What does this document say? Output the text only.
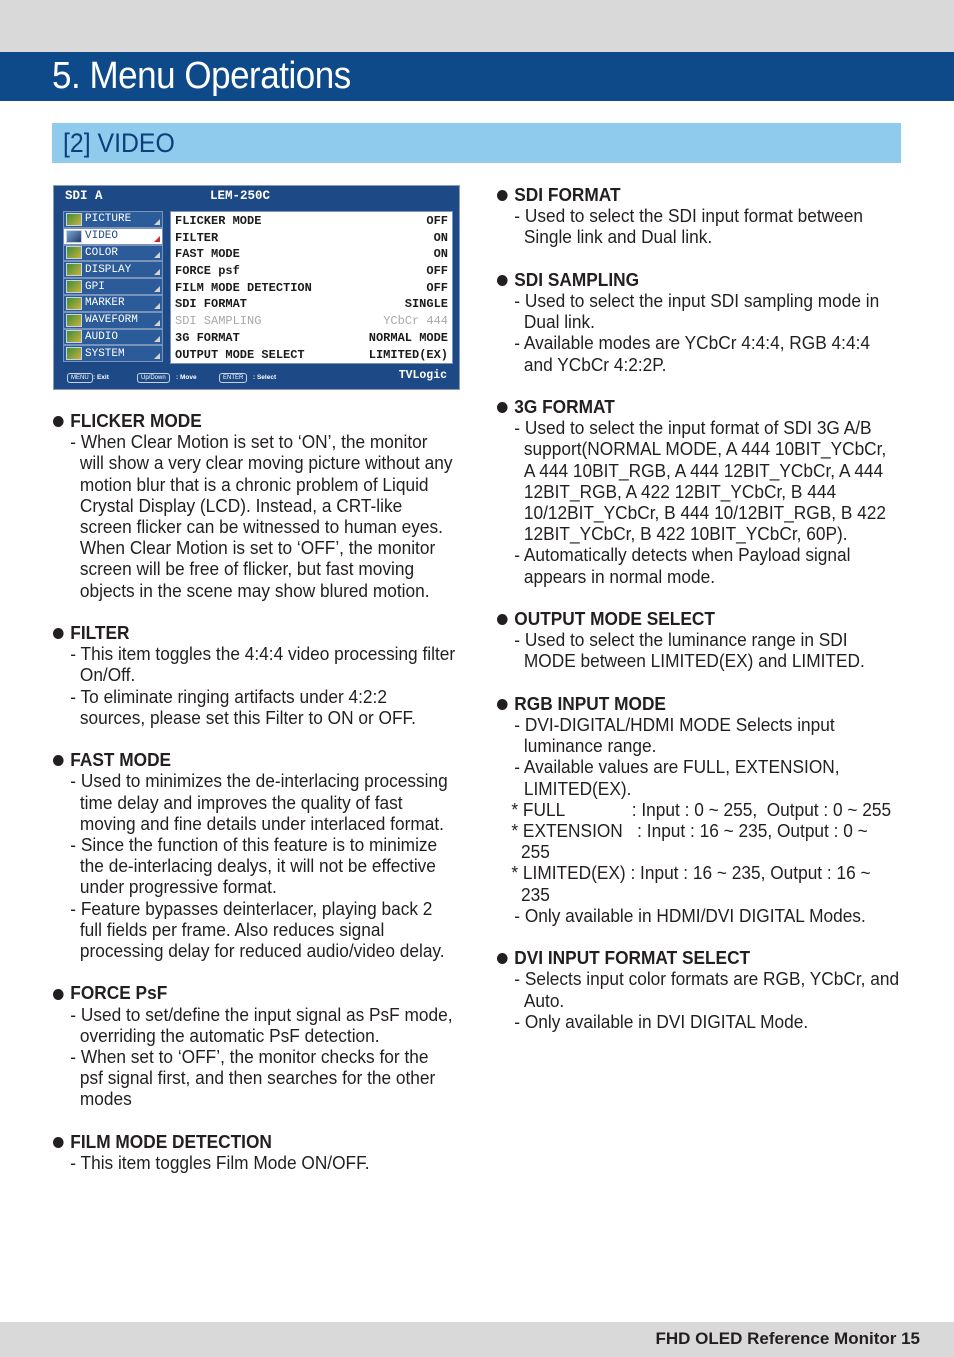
5. Menu Operations
[2] VIDEO
SDI A	LEM-250C
PICTURE
VIDEO
COLOR
DISPLAY
GPI
MARKER
WAVEFORM
AUDIO
SYSTEM
FLICKER MODE	OFF
FILTER	ON
FAST MODE	ON
FORCE psf	OFF
FILM MODE DETECTION	OFF
SDI FORMAT	SINGLE
SDI SAMPLING	YCbCr 444
3G FORMAT	NORMAL MODE
OUTPUT MODE SELECT	LIMITED(EX)
MENU : Exit	Up/Down	: Move	ENTER	: Select	TVLogic
FLICKER MODE
- When Clear Motion is set to ‘ON’, the monitor will show a very clear moving picture without any motion blur that is a chronic problem of Liquid Crystal Display (LCD). Instead, a CRT-like screen flicker can be witnessed to human eyes. When Clear Motion is set to ‘OFF’, the monitor screen will be free of flicker, but fast moving objects in the scene may show blured motion.
FILTER
- This item toggles the 4:4:4 video processing filter On/Off.
- To eliminate ringing artifacts under 4:2:2 sources, please set this Filter to ON or OFF.
FAST MODE
- Used to minimizes the de-interlacing processing time delay and improves the quality of fast moving and fine details under interlaced format.
- Since the function of this feature is to minimize the de-interlacing dealys, it will not be effective under progressive format.
- Feature bypasses deinterlacer, playing back 2 full fields per frame. Also reduces signal processing delay for reduced audio/video delay.
FORCE PsF
- Used to set/define the input signal as PsF mode, overriding the automatic PsF detection.
- When set to ‘OFF’, the monitor checks for the psf signal first, and then searches for the other modes
FILM MODE DETECTION
- This item toggles Film Mode ON/OFF.
SDI FORMAT
- Used to select the SDI input format between Single link and Dual link.
SDI SAMPLING
- Used to select the input SDI sampling mode in Dual link.
- Available modes are YCbCr 4:4:4, RGB 4:4:4 and YCbCr 4:2:2P.
3G FORMAT
- Used to select the input format of SDI 3G A/B support(NORMAL MODE, A 444 10BIT_YCbCr, A 444 10BIT_RGB, A 444 12BIT_YCbCr, A 444 12BIT_RGB, A 422 12BIT_YCbCr, B 444 10/12BIT_YCbCr, B 444 10/12BIT_RGB, B 422 12BIT_YCbCr, B 422 10BIT_YCbCr, 60P).
- Automatically detects when Payload signal appears in normal mode.
OUTPUT MODE SELECT
- Used to select the luminance range in SDI MODE between LIMITED(EX) and LIMITED.
RGB INPUT MODE
- DVI-DIGITAL/HDMI MODE Selects input luminance range.
- Available values are FULL, EXTENSION, LIMITED(EX).
* FULL              : Input : 0 ~ 255,  Output : 0 ~ 255
* EXTENSION   : Input : 16 ~ 235, Output : 0 ~ 255
* LIMITED(EX) : Input : 16 ~ 235, Output : 16 ~ 235
- Only available in HDMI/DVI DIGITAL Modes.
DVI INPUT FORMAT SELECT
- Selects input color formats are RGB, YCbCr, and Auto.
- Only available in DVI DIGITAL Mode.
FHD OLED Reference Monitor 15
